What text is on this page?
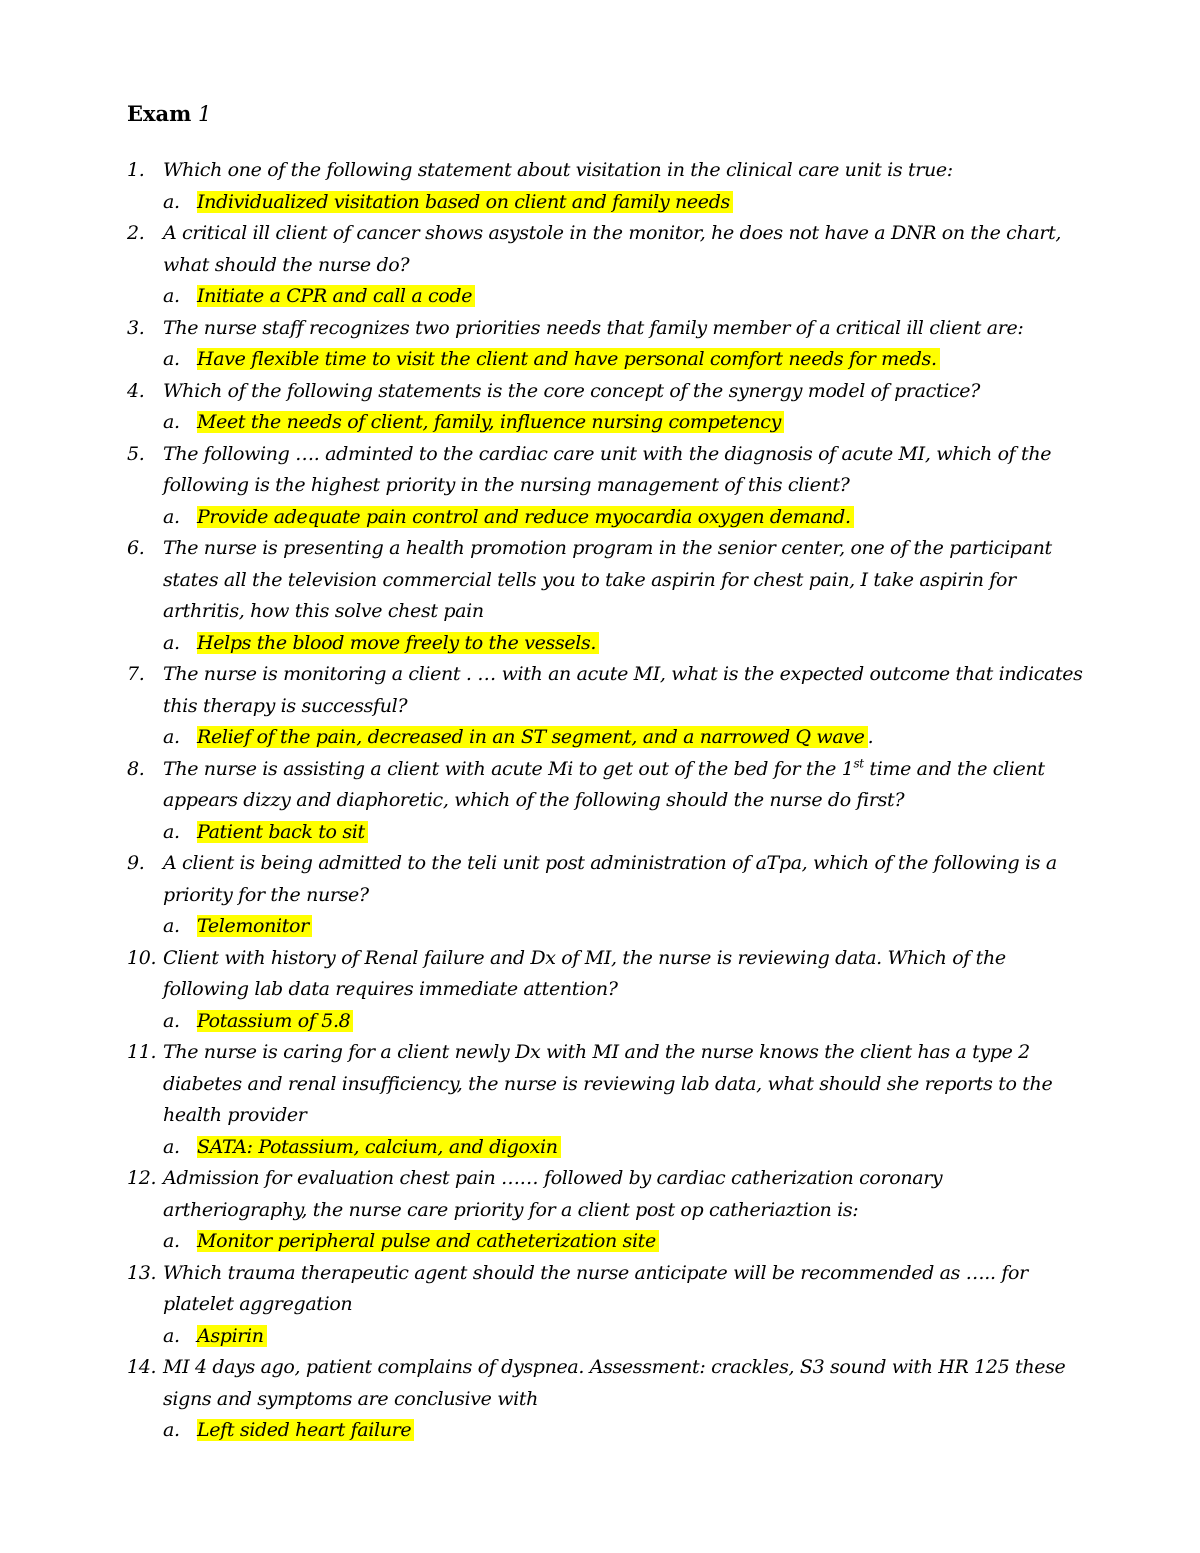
Exam 1
1. Which one of the following statement about visitation in the clinical care unit is true:
a. Individualized visitation based on client and family needs
2. A critical ill client of cancer shows asystole in the monitor, he does not have a DNR on the chart, what should the nurse do?
a. Initiate a CPR and call a code
3. The nurse staff recognizes two priorities needs that family member of a critical ill client are:
a. Have flexible time to visit the client and have personal comfort needs for meds.
4. Which of the following statements is the core concept of the synergy model of practice?
a. Meet the needs of client, family, influence nursing competency
5. The following …. adminted to the cardiac care unit with the diagnosis of acute MI, which of the following is the highest priority in the nursing management of this client?
a. Provide adequate pain control and reduce myocardia oxygen demand.
6. The nurse is presenting a health promotion program in the senior center, one of the participant states all the television commercial tells you to take aspirin for chest pain, I take aspirin for arthritis, how this solve chest pain
a. Helps the blood move freely to the vessels.
7. The nurse is monitoring a client . … with an acute MI, what is the expected outcome that indicates this therapy is successful?
a. Relief of the pain, decreased in an ST segment, and a narrowed Q wave .
8. The nurse is assisting a client with acute Mi to get out of the bed for the 1st time and the client appears dizzy and diaphoretic, which of the following should the nurse do first?
a. Patient back to sit
9. A client is being admitted to the teli unit post administration of aTpa, which of the following is a priority for the nurse?
a. Telemonitor
10. Client with history of Renal failure and Dx of MI, the nurse is reviewing data. Which of the following lab data requires immediate attention?
a. Potassium of 5.8
11. The nurse is caring for a client newly Dx with MI and the nurse knows the client has a type 2 diabetes and renal insufficiency, the nurse is reviewing lab data, what should she reports to the health provider
a. SATA: Potassium, calcium, and digoxin
12. Admission for evaluation chest pain …… followed by cardiac catherization coronary artheriography, the nurse care priority for a client post op catheriaztion is:
a. Monitor peripheral pulse and catheterization site
13. Which trauma therapeutic agent should the nurse anticipate will be recommended as ….. for platelet aggregation
a. Aspirin
14. MI 4 days ago, patient complains of dyspnea. Assessment: crackles, S3 sound with HR 125 these signs and symptoms are conclusive with
a. Left sided heart failure
